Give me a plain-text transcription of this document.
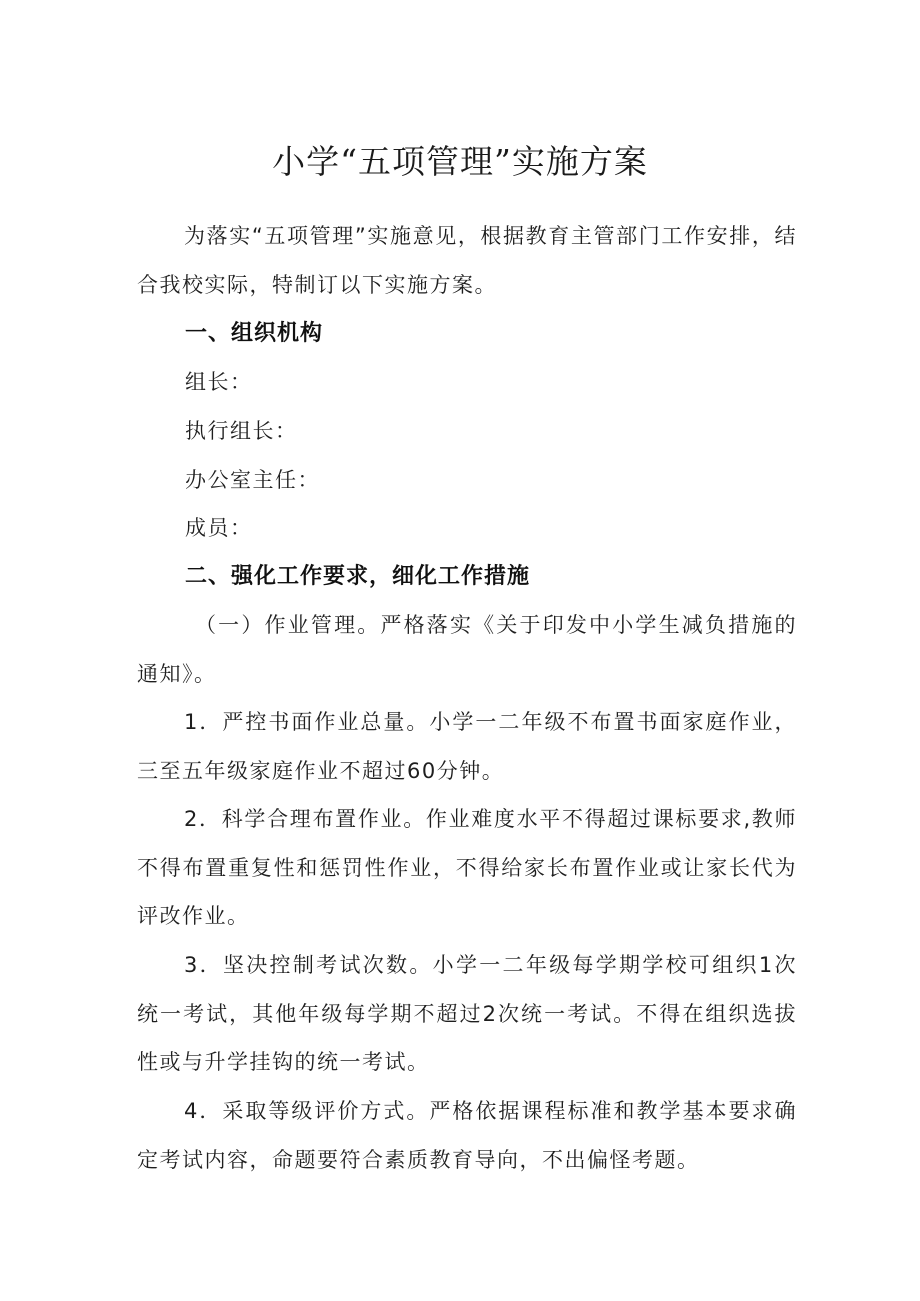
小学“五项管理”实施方案
为落实“五项管理”实施意见，根据教育主管部门工作安排，结合我校实际，特制订以下实施方案。
一、组织机构
组长：
执行组长：
办公室主任：
成员：
二、强化工作要求，细化工作措施
（一）作业管理。严格落实《关于印发中小学生减负措施的通知》。
1．严控书面作业总量。小学一二年级不布置书面家庭作业，三至五年级家庭作业不超过60分钟。
2．科学合理布置作业。作业难度水平不得超过课标要求,教师不得布置重复性和惩罚性作业，不得给家长布置作业或让家长代为评改作业。
3．坚决控制考试次数。小学一二年级每学期学校可组织1次统一考试，其他年级每学期不超过2次统一考试。不得在组织选拔性或与升学挂钩的统一考试。
4．采取等级评价方式。严格依据课程标准和教学基本要求确定考试内容，命题要符合素质教育导向，不出偏怪考题。
